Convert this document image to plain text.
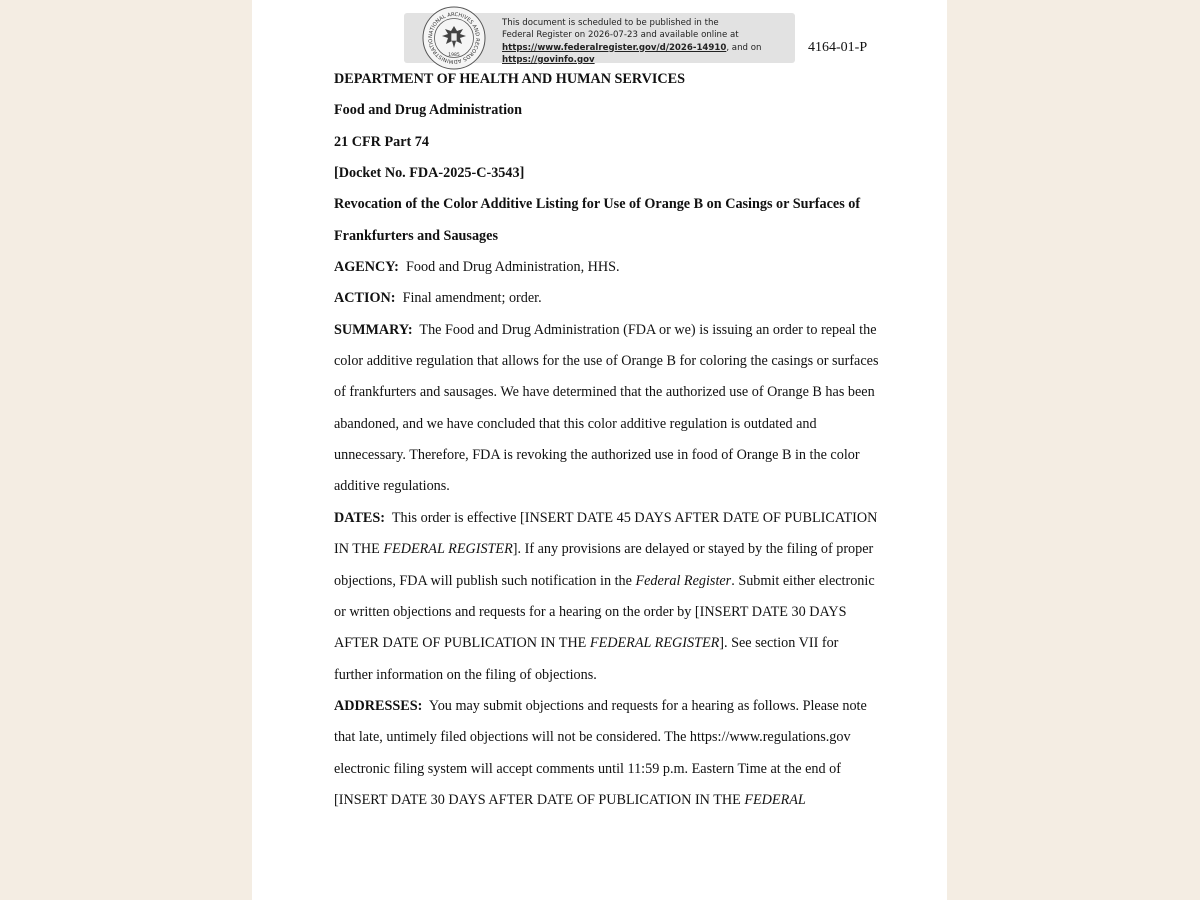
NATIONAL ARCHIVES AND RECORDS ADMINISTRATIO
1985
This document is scheduled to be published in the
Federal Register on 2026-07-23 and available online at
https://www.federalregister.gov/d/2026-14910, and on
https://govinfo.gov
4164-01-P
DEPARTMENT OF HEALTH AND HUMAN SERVICES
Food and Drug Administration
21 CFR Part 74
[Docket No. FDA-2025-C-3543]
Revocation of the Color Additive Listing for Use of Orange B on Casings or Surfaces of
Frankfurters and Sausages
AGENCY: Food and Drug Administration, HHS.
ACTION: Final amendment; order.
SUMMARY: The Food and Drug Administration (FDA or we) is issuing an order to repeal the
color additive regulation that allows for the use of Orange B for coloring the casings or surfaces
of frankfurters and sausages. We have determined that the authorized use of Orange B has been
abandoned, and we have concluded that this color additive regulation is outdated and
unnecessary. Therefore, FDA is revoking the authorized use in food of Orange B in the color
additive regulations.
DATES: This order is effective [INSERT DATE 45 DAYS AFTER DATE OF PUBLICATION
IN THE FEDERAL REGISTER]. If any provisions are delayed or stayed by the filing of proper
objections, FDA will publish such notification in the Federal Register. Submit either electronic
or written objections and requests for a hearing on the order by [INSERT DATE 30 DAYS
AFTER DATE OF PUBLICATION IN THE FEDERAL REGISTER]. See section VII for
further information on the filing of objections.
ADDRESSES: You may submit objections and requests for a hearing as follows. Please note
that late, untimely filed objections will not be considered. The https://www.regulations.gov
electronic filing system will accept comments until 11:59 p.m. Eastern Time at the end of
[INSERT DATE 30 DAYS AFTER DATE OF PUBLICATION IN THE FEDERAL
